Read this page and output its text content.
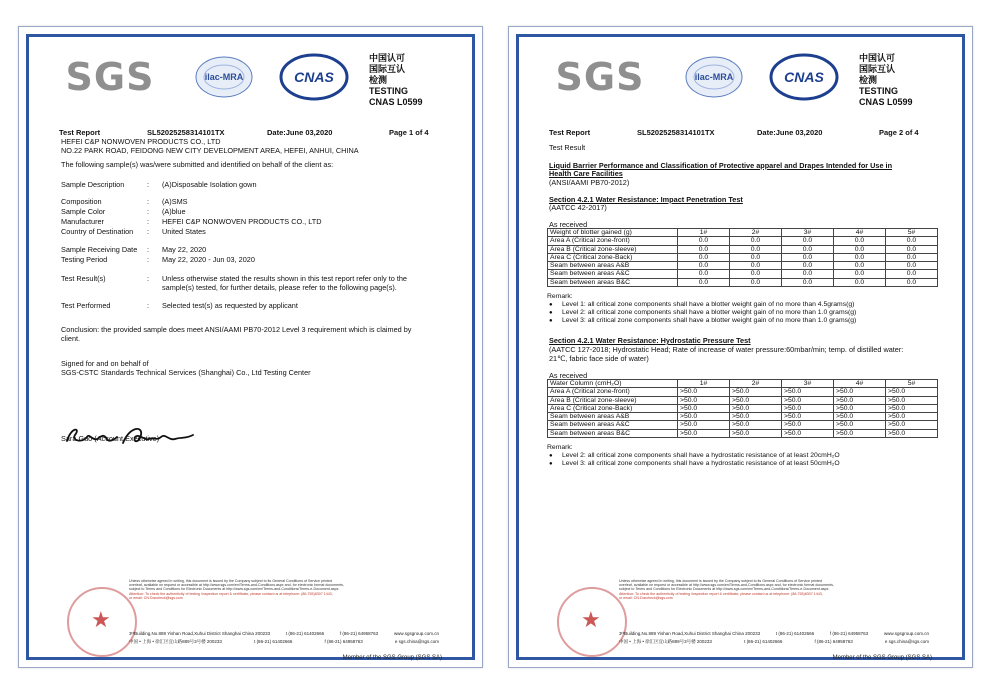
SGS	ilac-MRA	CNAS
中国认可
国际互认
检测
TESTING
CNAS L0599
Test Report	SL52025258314101TX	Date:June 03,2020	Page 1 of 4
HEFEI C&P NONWOVEN PRODUCTS CO., LTD
NO.22 PARK ROAD, FEIDONG NEW CITY DEVELOPMENT AREA, HEFEI, ANHUI, CHINA
The following sample(s) was/were submitted and identified on behalf of the client as:
Sample Description	: (A)Disposable Isolation gown
Composition	: (A)SMS
Sample Color	: (A)blue
Manufacturer	: HEFEI C&P NONWOVEN PRODUCTS CO., LTD
Country of Destination : United States
Sample Receiving Date : May 22, 2020
Testing Period	: May 22, 2020 - Jun 03, 2020
Test Result(s)	: Unless otherwise stated the results shown in this test report refer only to the
sample(s) tested, for further details, please refer to the following page(s).
Test Performed	: Selected test(s) as requested by applicant
Conclusion: the provided sample does meet ANSI/AAMI PB70-2012 Level 3 requirement which is claimed by
client.
Signed for and on behalf of
SGS-CSTC Standards Technical Services (Shanghai) Co., Ltd Testing Center
Sara Guo (Account Executive)
★
Unless otherwise agreed in writing, this document is issued by the Company subject to its General Conditions of Service printed
overleaf, available on request or accessible at http://www.sgs.com/en/Terms-and-Conditions.aspx and, for electronic format documents,
subject to Terms and Conditions for Electronic Documents at http://www.sgs.com/en/Terms-and-Conditions/Terms-e-Document.aspx.
Attention: To check the authenticity of testing /inspection report & certificate, please contact us at telephone: (86-755)8307 1443,
or email: CN.Doccheck@sgs.com
3ʳᵈBuilding,No.889 Yishan Road,Xuhui District Shanghai China 200233	t (86-21) 61402666	f (86-21) 64958763	www.sgsgroup.com.cn
中国 • 上海 • 徐汇区宜山路889号3号楼 200233	t (86-21) 61402666	f (86-21) 64958763	e sgs.china@sgs.com
Member of the SGS Group (SGS SA)
SGS	ilac-MRA	CNAS
中国认可
国际互认
检测
TESTING
CNAS L0599
Test Report	SL52025258314101TX	Date:June 03,2020	Page 2 of 4
Test Result
Liquid Barrier Performance and Classification of Protective apparel and Drapes Intended for Use in
Health Care Facilities
(ANSI/AAMI PB70-2012)
Section 4.2.1 Water Resistance: Impact Penetration Test
(AATCC 42-2017)
As received
Weight of blotter gained (g)	1#	2#	3#	4#	5#
Area A (Critical zone-front)	0.0	0.0	0.0	0.0	0.0
Area B (Critical zone-sleeve)	0.0	0.0	0.0	0.0	0.0
Area C (Critical zone-Back)	0.0	0.0	0.0	0.0	0.0
Seam between areas A&B	0.0	0.0	0.0	0.0	0.0
Seam between areas A&C	0.0	0.0	0.0	0.0	0.0
Seam between areas B&C	0.0	0.0	0.0	0.0	0.0
Remark:
● Level 1: all critical zone components shall have a blotter weight gain of no more than 4.5grams(g)
● Level 2: all critical zone components shall have a blotter weight gain of no more than 1.0 grams(g)
● Level 3: all critical zone components shall have a blotter weight gain of no more than 1.0 grams(g)
Section 4.2.1 Water Resistance: Hydrostatic Pressure Test
(AATCC 127-2018; Hydrostatic Head; Rate of increase of water pressure:60mbar/min; temp. of distilled water:
21℃, fabric face side of water)
As received
Water Column (cmH₂O)	1#	2#	3#	4#	5#
Area A (Critical zone-front)	>50.0	>50.0	>50.0	>50.0	>50.0
Area B (Critical zone-sleeve)	>50.0	>50.0	>50.0	>50.0	>50.0
Area C (Critical zone-Back)	>50.0	>50.0	>50.0	>50.0	>50.0
Seam between areas A&B	>50.0	>50.0	>50.0	>50.0	>50.0
Seam between areas A&C	>50.0	>50.0	>50.0	>50.0	>50.0
Seam between areas B&C	>50.0	>50.0	>50.0	>50.0	>50.0
Remark:
● Level 2: all critical zone components shall have a hydrostatic resistance of at least 20cmH₂O
● Level 3: all critical zone components shall have a hydrostatic resistance of at least 50cmH₂O
★
Unless otherwise agreed in writing, this document is issued by the Company subject to its General Conditions of Service printed
overleaf, available on request or accessible at http://www.sgs.com/en/Terms-and-Conditions.aspx and, for electronic format documents,
subject to Terms and Conditions for Electronic Documents at http://www.sgs.com/en/Terms-and-Conditions/Terms-e-Document.aspx.
Attention: To check the authenticity of testing /inspection report & certificate, please contact us at telephone: (86-755)8307 1443,
or email: CN.Doccheck@sgs.com
3ʳᵈBuilding,No.889 Yishan Road,Xuhui District Shanghai China 200233	t (86-21) 61402666	f (86-21) 64958763	www.sgsgroup.com.cn
中国 • 上海 • 徐汇区宜山路889号3号楼 200233	t (86-21) 61402666	f (86-21) 64958763	e sgs.china@sgs.com
Member of the SGS Group (SGS SA)
